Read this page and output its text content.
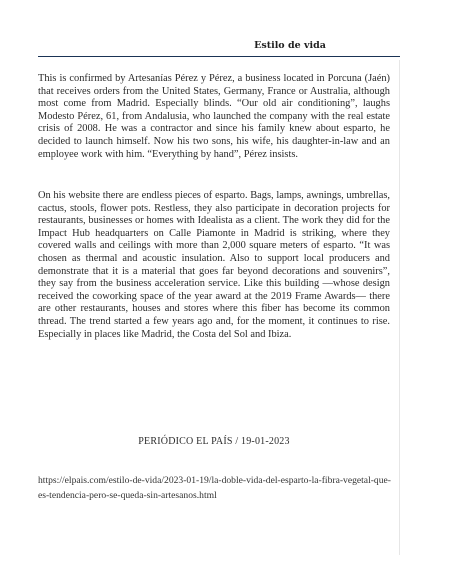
Estilo de vida

This is confirmed by Artesanías Pérez y Pérez, a business located in Porcuna (Jaén) that receives orders from the United States, Germany, France or Australia, although most come from Madrid. Especially blinds. “Our old air conditioning”, laughs Modesto Pérez, 61, from Andalusia, who launched the company with the real estate crisis of 2008. He was a contractor and since his family knew about esparto, he decided to launch himself. Now his two sons, his wife, his daughter-in-law and an employee work with him. “Everything by hand”, Pérez insists.

On his website there are endless pieces of esparto. Bags, lamps, awnings, umbrellas, cactus, stools, flower pots. Restless, they also participate in decoration projects for restaurants, businesses or homes with Idealista as a client. The work they did for the Impact Hub headquarters on Calle Piamonte in Madrid is striking, where they covered walls and ceilings with more than 2,000 square meters of esparto. “It was chosen as thermal and acoustic insulation. Also to support local producers and demonstrate that it is a material that goes far beyond decorations and souvenirs”, they say from the business acceleration service. Like this building —whose design received the coworking space of the year award at the 2019 Frame Awards— there are other restaurants, houses and stores where this fiber has become its common thread. The trend started a few years ago and, for the moment, it continues to rise. Especially in places like Madrid, the Costa del Sol and Ibiza.

PERIÓDICO EL PAÍS / 19-01-2023
https://elpais.com/estilo-de-vida/2023-01-19/la-doble-vida-del-esparto-la-fibra-vegetal-que-es-tendencia-pero-se-queda-sin-artesanos.html
